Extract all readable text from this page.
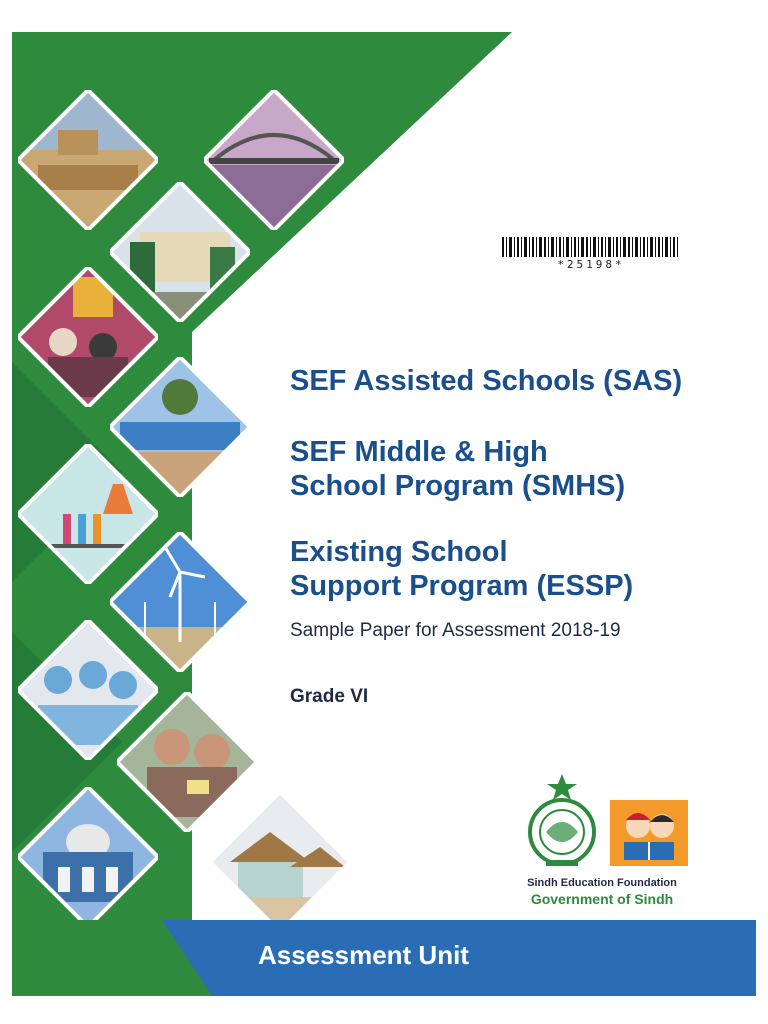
*25198*
SEF Assisted Schools (SAS)
SEF Middle & High
School Program (SMHS)
Existing School
Support Program (ESSP)
Sample Paper for Assessment 2018-19
Grade VI
Sindh Education Foundation
Government of Sindh
Assessment Unit
